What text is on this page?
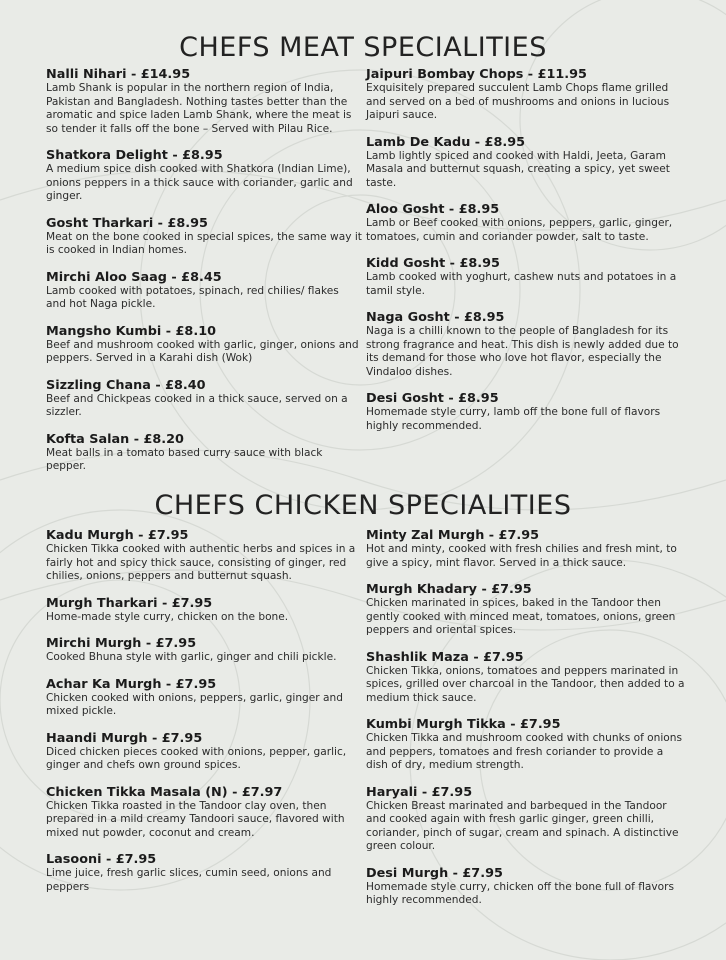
CHEFS MEAT SPECIALITIES
Nalli Nihari - £14.95
Lamb Shank is popular in the northern region of India, Pakistan and Bangladesh. Nothing tastes better than the aromatic and spice laden Lamb Shank, where the meat is so tender it falls off the bone – Served with Pilau Rice.
Shatkora Delight - £8.95
A medium spice dish cooked with Shatkora (Indian Lime), onions peppers in a thick sauce with coriander, garlic and ginger.
Gosht Tharkari - £8.95
Meat on the bone cooked in special spices, the same way it is cooked in Indian homes.
Mirchi Aloo Saag - £8.45
Lamb cooked with potatoes, spinach, red chilies/ flakes and hot Naga pickle.
Mangsho Kumbi - £8.10
Beef and mushroom cooked with garlic, ginger, onions and peppers. Served in a Karahi dish (Wok)
Sizzling Chana - £8.40
Beef and Chickpeas cooked in a thick sauce, served on a sizzler.
Kofta Salan - £8.20
Meat balls in a tomato based curry sauce with black pepper.
Jaipuri Bombay Chops - £11.95
Exquisitely prepared succulent Lamb Chops flame grilled and served on a bed of mushrooms and onions in lucious Jaipuri sauce.
Lamb De Kadu - £8.95
Lamb lightly spiced and cooked with Haldi, Jeeta, Garam Masala and butternut squash, creating a spicy, yet sweet taste.
Aloo Gosht - £8.95
Lamb or Beef cooked with onions, peppers, garlic, ginger, tomatoes, cumin and coriander powder, salt to taste.
Kidd Gosht - £8.95
Lamb cooked with yoghurt, cashew nuts and potatoes in a tamil style.
Naga Gosht - £8.95
Naga is a chilli known to the people of Bangladesh for its strong fragrance and heat. This dish is newly added due to its demand for those who love hot flavor, especially the Vindaloo dishes.
Desi Gosht - £8.95
Homemade style curry, lamb off the bone full of flavors highly recommended.
CHEFS CHICKEN SPECIALITIES
Kadu Murgh - £7.95
Chicken Tikka cooked with authentic herbs and spices in a fairly hot and spicy thick sauce, consisting of ginger, red chilies, onions, peppers and butternut squash.
Murgh Tharkari - £7.95
Home-made style curry, chicken on the bone.
Mirchi Murgh - £7.95
Cooked Bhuna style with garlic, ginger and chili pickle.
Achar Ka Murgh - £7.95
Chicken cooked with onions, peppers, garlic, ginger and mixed pickle.
Haandi Murgh - £7.95
Diced chicken pieces cooked with onions, pepper, garlic, ginger and chefs own ground spices.
Chicken Tikka Masala (N) - £7.97
Chicken Tikka roasted in the Tandoor clay oven, then prepared in a mild creamy Tandoori sauce, flavored with mixed nut powder, coconut and cream.
Lasooni - £7.95
Lime juice, fresh garlic slices, cumin seed, onions and peppers
Minty Zal Murgh - £7.95
Hot and minty, cooked with fresh chilies and fresh mint, to give a spicy, mint flavor. Served in a thick sauce.
Murgh Khadary - £7.95
Chicken marinated in spices, baked in the Tandoor then gently cooked with minced meat, tomatoes, onions, green peppers and oriental spices.
Shashlik Maza - £7.95
Chicken Tikka, onions, tomatoes and peppers marinated in spices, grilled over charcoal in the Tandoor, then added to a medium thick sauce.
Kumbi Murgh Tikka - £7.95
Chicken Tikka and mushroom cooked with chunks of onions and peppers, tomatoes and fresh coriander to provide a dish of dry, medium strength.
Haryali - £7.95
Chicken Breast marinated and barbequed in the Tandoor and cooked again with fresh garlic ginger, green chilli, coriander, pinch of sugar, cream and spinach. A distinctive green colour.
Desi Murgh - £7.95
Homemade style curry, chicken off the bone full of flavors highly recommended.
